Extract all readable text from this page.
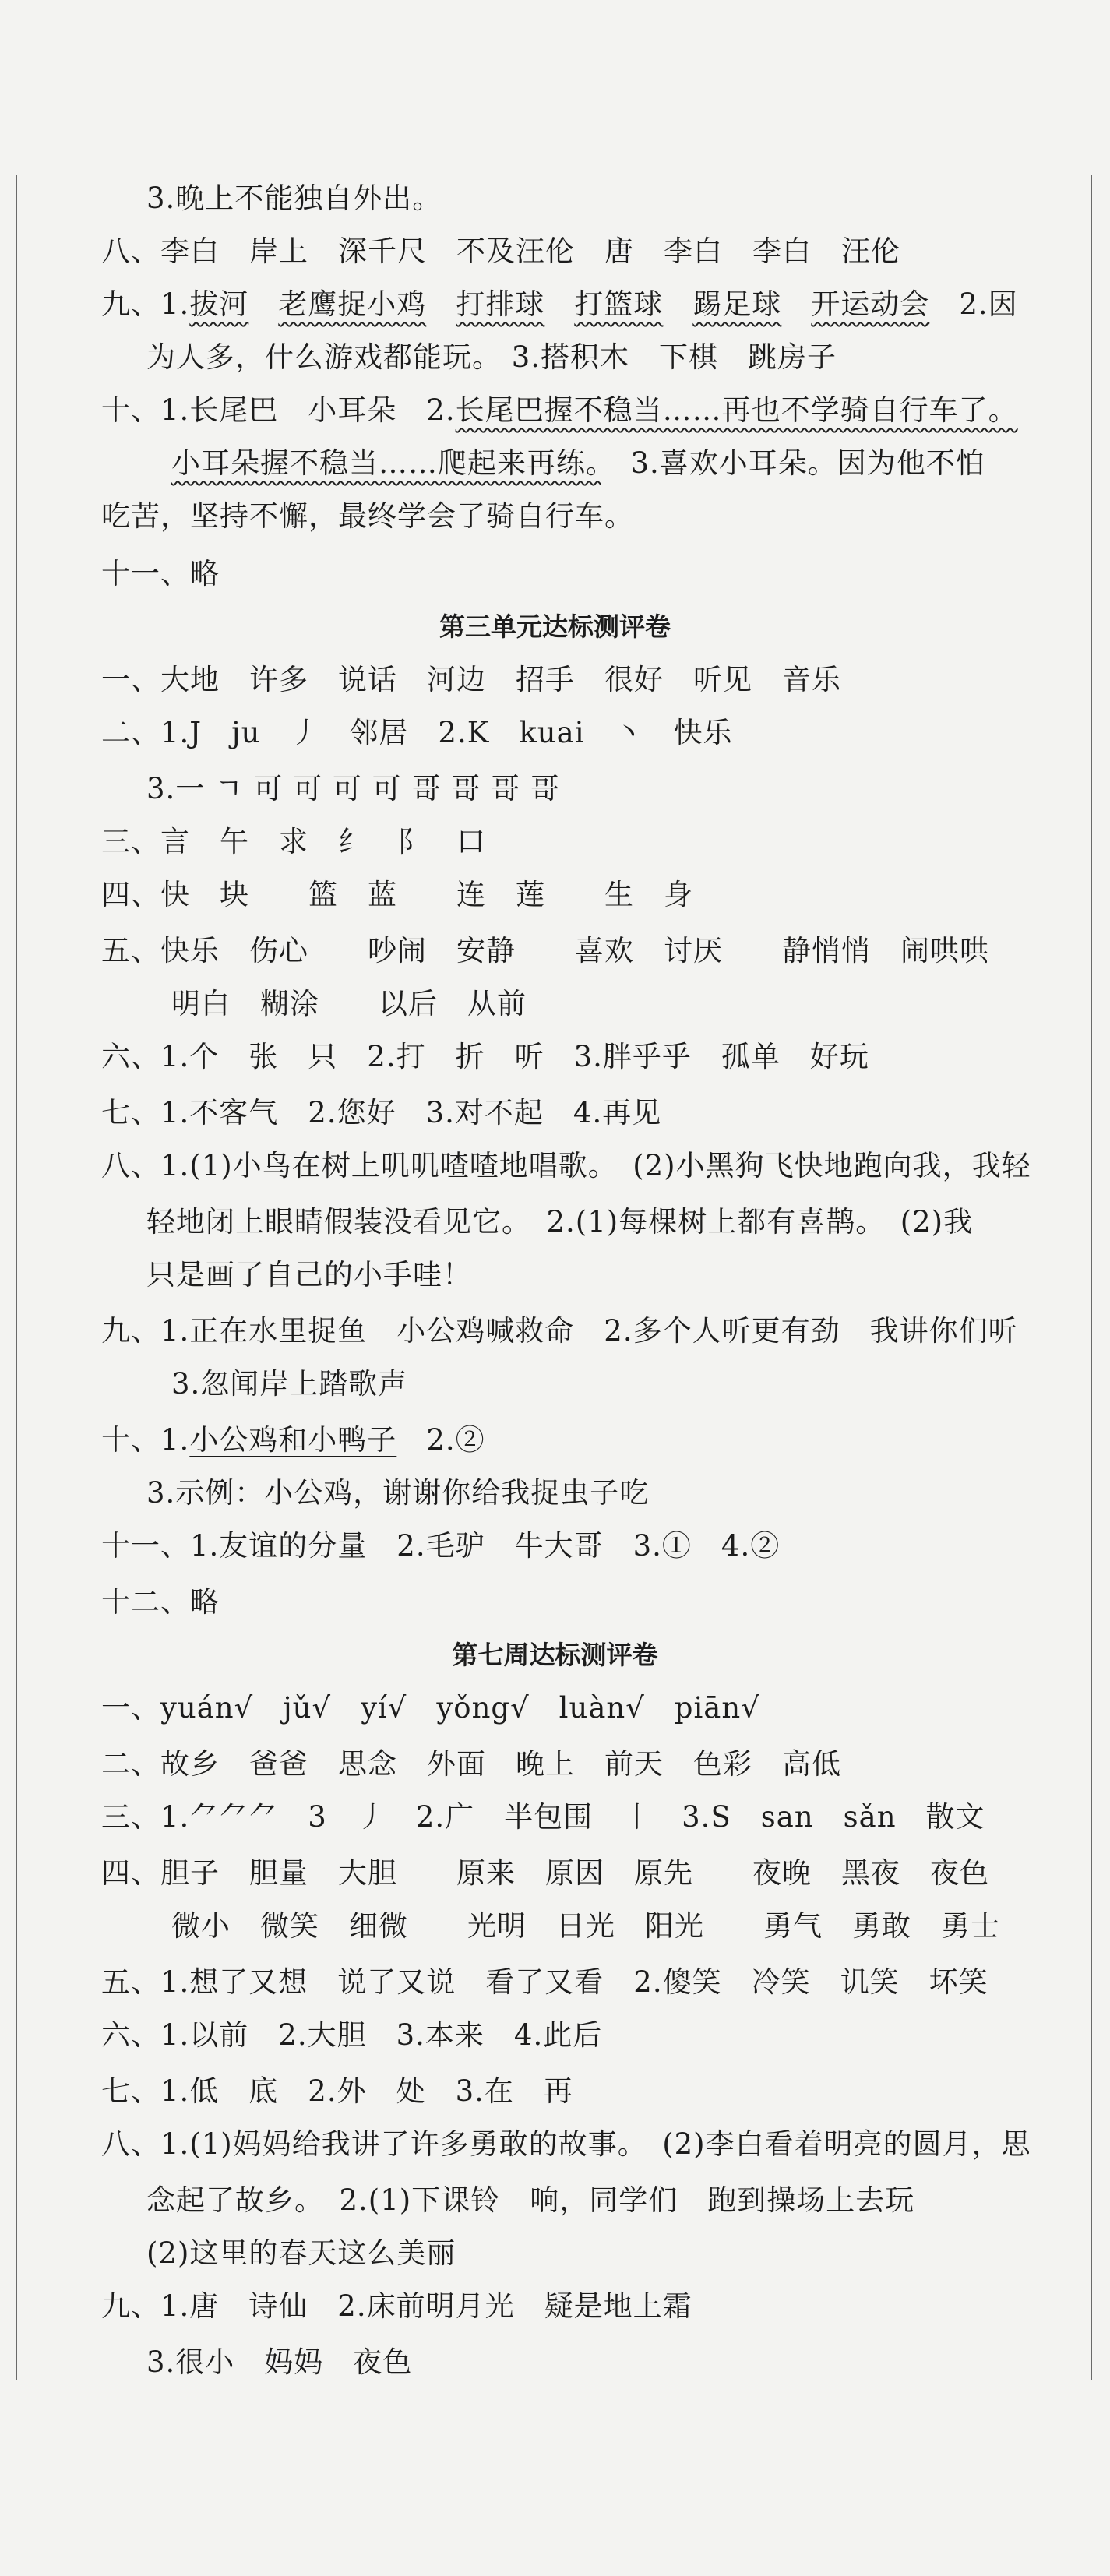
3.晚上不能独自外出。
八、李白　岸上　深千尺　不及汪伦　唐　李白　李白　汪伦
九、1.拔河　 老鹰捉小鸡　 打排球　 打篮球　 踢足球　 开运动会　 2.因
为人多，什么游戏都能玩。 3.搭积木　下棋　跳房子
十、1.长尾巴　小耳朵　2.长尾巴握不稳当……再也不学骑自行车了。
小耳朵握不稳当……爬起来再练。　 3.喜欢小耳朵。因为他不怕
吃苦，坚持不懈，最终学会了骑自行车。
十一、略
第三单元达标测评卷
一、大地　许多　说话　河边　招手　很好　听见　音乐
二、1.J　ju　丿　邻居　2.K　kuai　丶　快乐
3.一 ㄱ 可 可 可 可 哥 哥 哥 哥
三、言　午　求　纟　阝　口
四、快　块　　篮　蓝　　连　莲　　生　身
五、快乐　伤心　　吵闹　安静　　喜欢　讨厌　　静悄悄　闹哄哄
明白　糊涂　　以后　从前
六、1.个　张　只　2.打　折　听　3.胖乎乎　孤单　好玩
七、1.不客气　2.您好　3.对不起　4.再见
八、1.(1)小鸟在树上叽叽喳喳地唱歌。　(2)小黑狗飞快地跑向我，我轻
轻地闭上眼睛假装没看见它。　2.(1)每棵树上都有喜鹊。　(2)我
只是画了自己的小手哇！
九、1.正在水里捉鱼　小公鸡喊救命　2.多个人听更有劲　我讲你们听
3.忽闻岸上踏歌声
十、1.小公鸡和小鸭子　 2.②
3.示例：小公鸡，谢谢你给我捉虫子吃
十一、1.友谊的分量　2.毛驴　牛大哥　3.①　4.②
十二、略
第七周达标测评卷
一、yuán√　jǔ√　yí√　yǒng√　luàn√　piān√
二、故乡　爸爸　思念　外面　晚上　前天　色彩　高低
三、1.⺈⺈⺈　3　丿　2.广　半包围　丨　3.S　san　sǎn　散文
四、胆子　胆量　大胆　　原来　原因　原先　　夜晚　黑夜　夜色
微小　微笑　细微　　光明　日光　阳光　　勇气　勇敢　勇士
五、1.想了又想　说了又说　看了又看　2.傻笑　冷笑　讥笑　坏笑
六、1.以前　2.大胆　3.本来　4.此后
七、1.低　底　2.外　处　3.在　再
八、1.(1)妈妈给我讲了许多勇敢的故事。　(2)李白看着明亮的圆月，思
念起了故乡。　2.(1)下课铃　响，同学们　跑到操场上去玩
(2)这里的春天这么美丽
九、1.唐　诗仙　2.床前明月光　疑是地上霜
3.很小　妈妈　夜色
